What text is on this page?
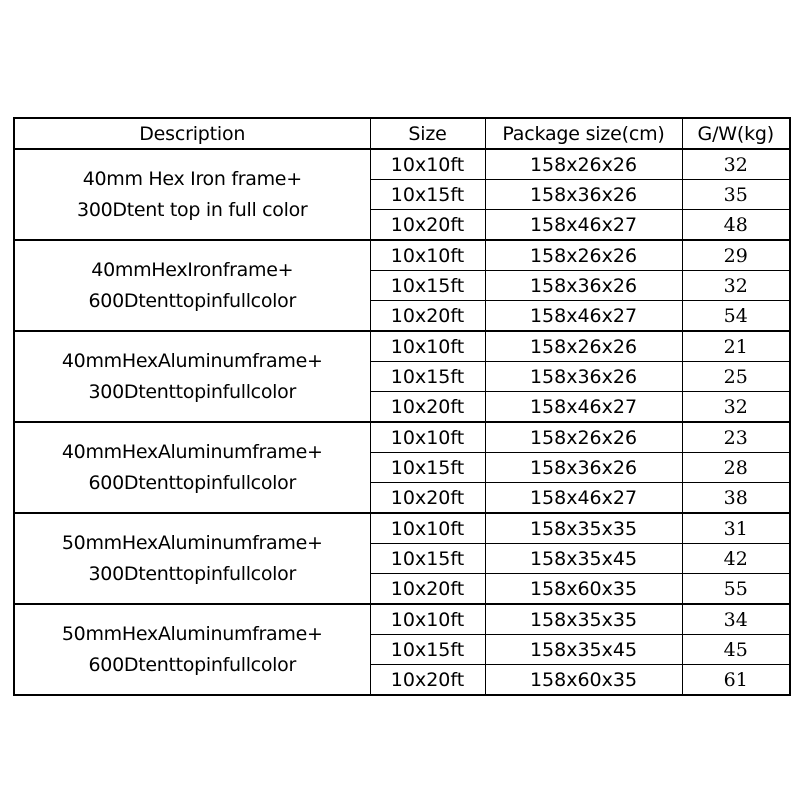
Description	Size	Package size(cm)	G/W(kg)

40mm Hex Iron frame+
300Dtent top in full color	10x10ft	158x26x26	32
	10x15ft	158x36x26	35
	10x20ft	158x46x27	48

40mmHexIronframe+
600Dtenttopinfullcolor	10x10ft	158x26x26	29
	10x15ft	158x36x26	32
	10x20ft	158x46x27	54

40mmHexAluminumframe+
300Dtenttopinfullcolor	10x10ft	158x26x26	21
	10x15ft	158x36x26	25
	10x20ft	158x46x27	32

40mmHexAluminumframe+
600Dtenttopinfullcolor	10x10ft	158x26x26	23
	10x15ft	158x36x26	28
	10x20ft	158x46x27	38

50mmHexAluminumframe+
300Dtenttopinfullcolor	10x10ft	158x35x35	31
	10x15ft	158x35x45	42
	10x20ft	158x60x35	55

50mmHexAluminumframe+
600Dtenttopinfullcolor	10x10ft	158x35x35	34
	10x15ft	158x35x45	45
	10x20ft	158x60x35	61
